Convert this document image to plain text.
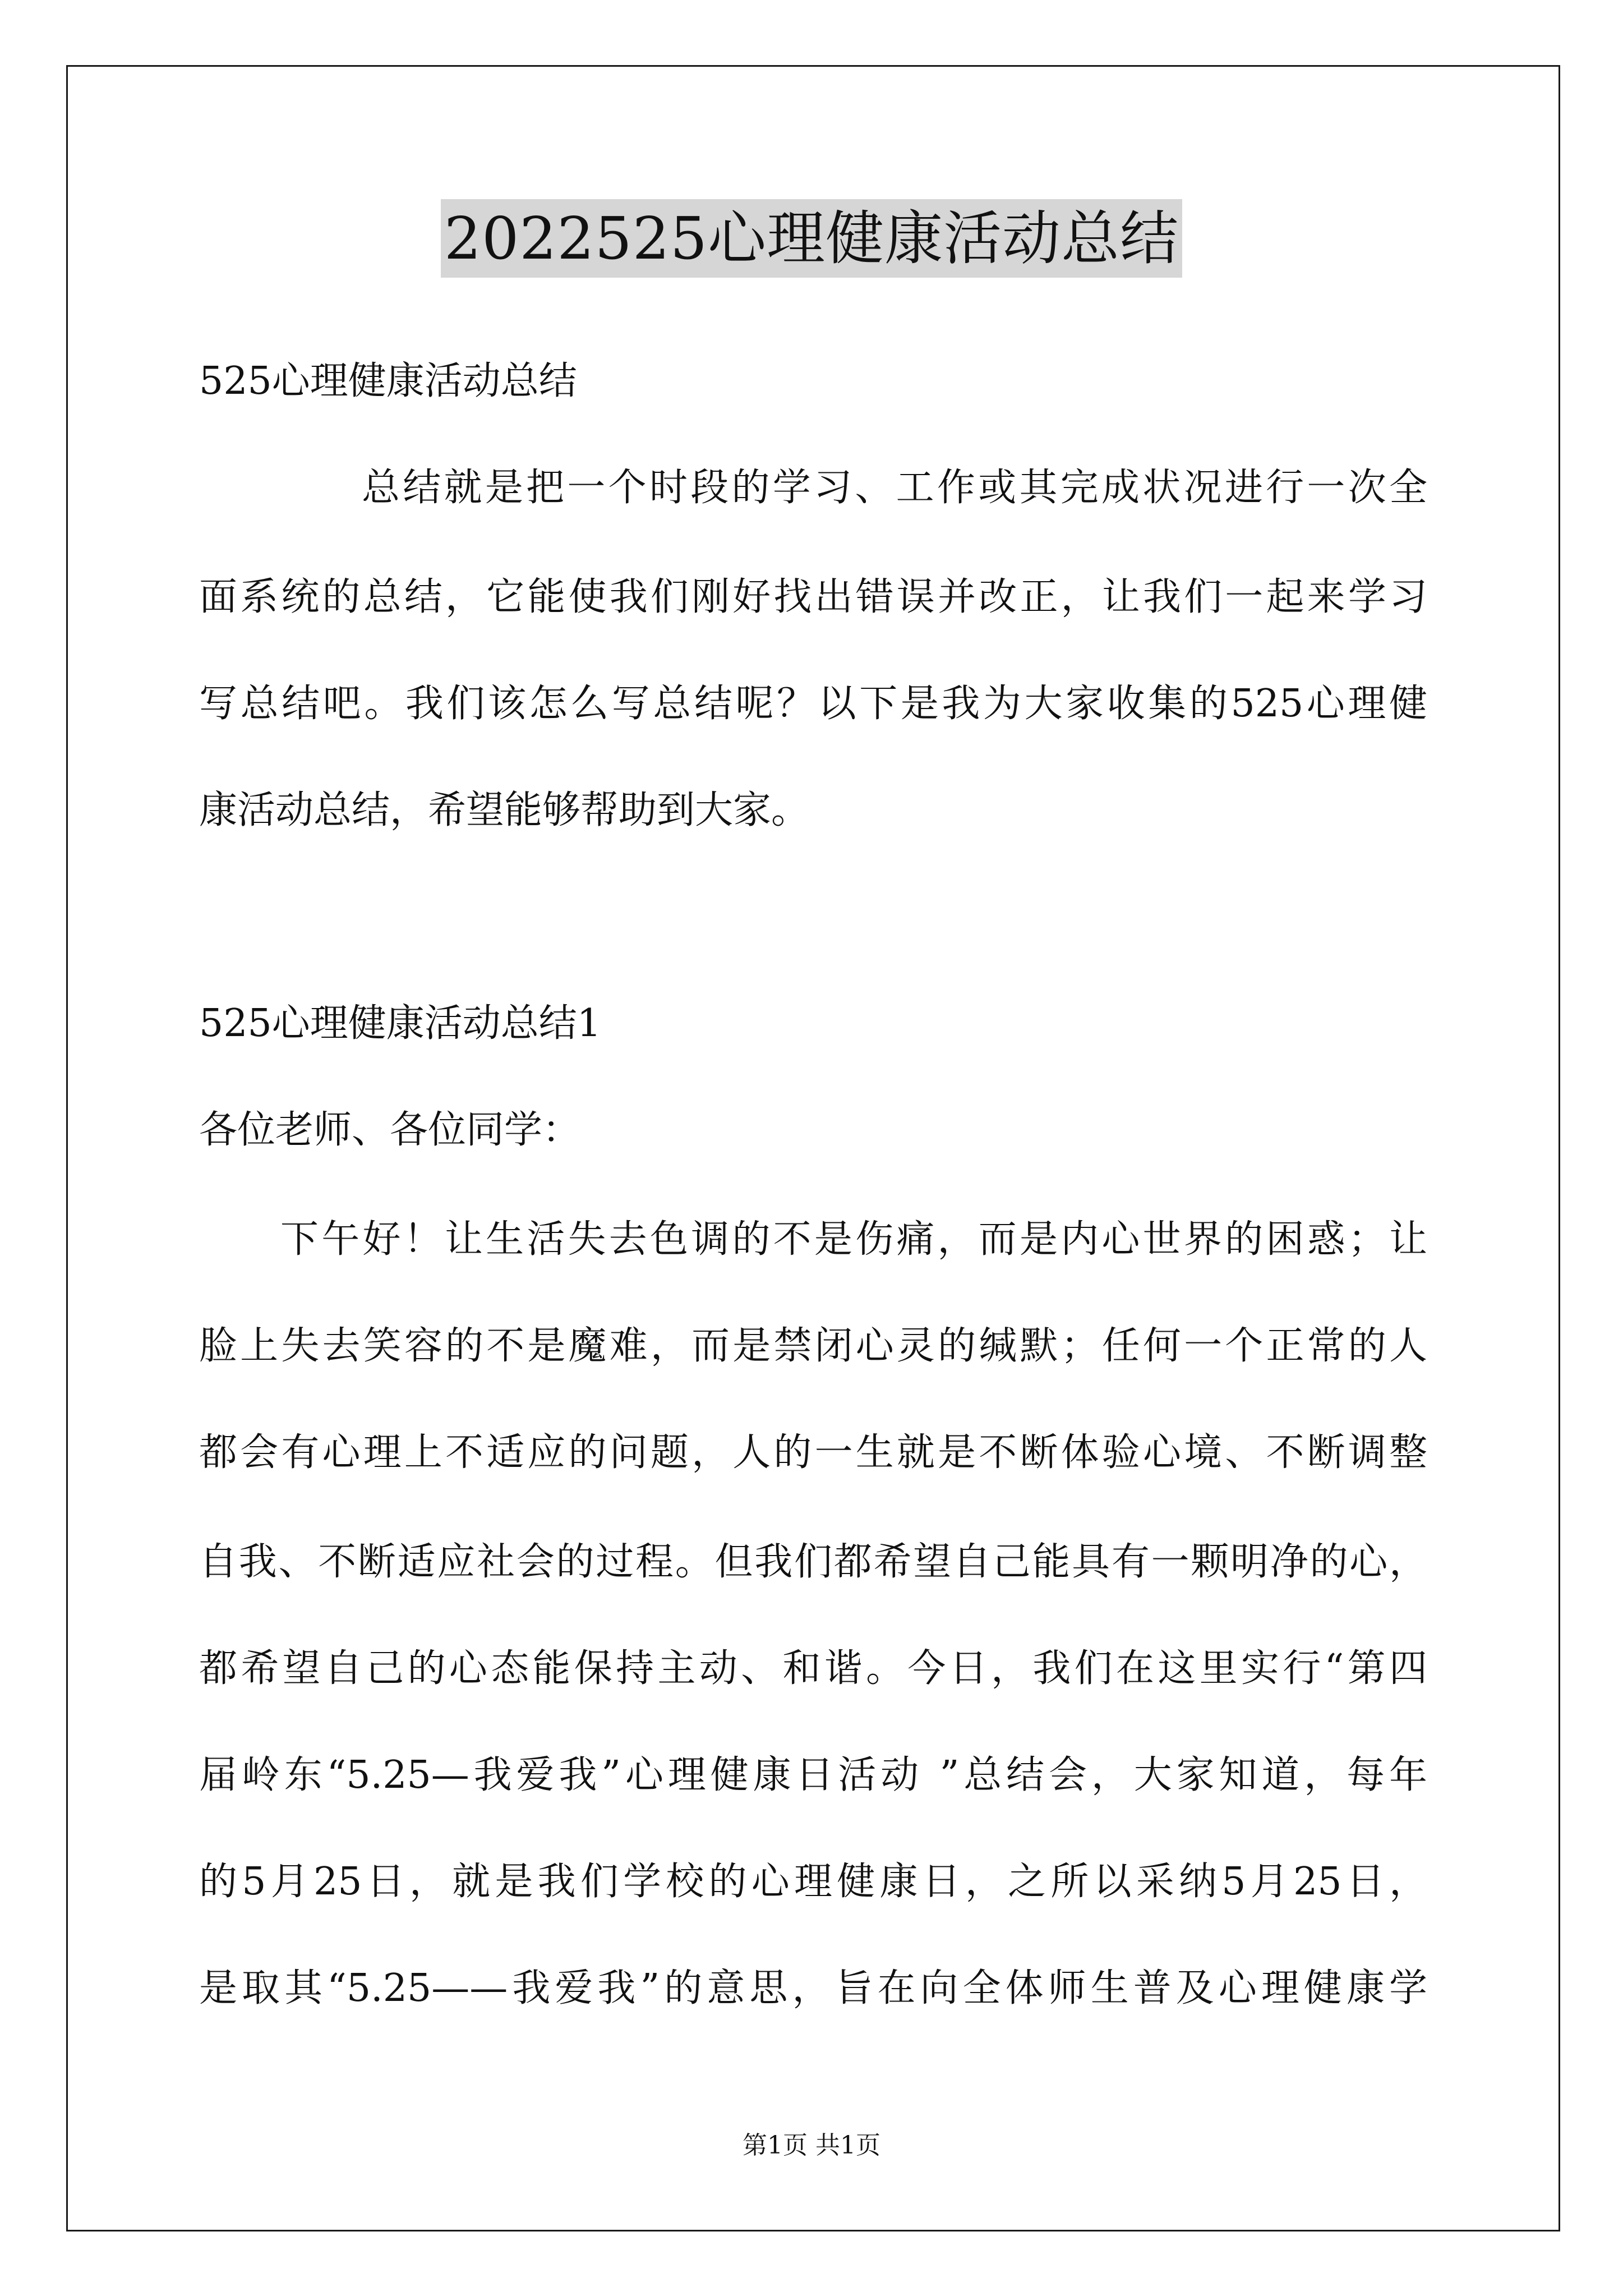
2022525心理健康活动总结
525心理健康活动总结
总结就是把一个时段的学习、工作或其完成状况进行一次全
面系统的总结，它能使我们刚好找出错误并改正，让我们一起来学习
写总结吧。我们该怎么写总结呢？以下是我为大家收集的525心理健
康活动总结，希望能够帮助到大家。
525心理健康活动总结1
各位老师、各位同学：
下午好！让生活失去色调的不是伤痛，而是内心世界的困惑；让
脸上失去笑容的不是魔难，而是禁闭心灵的缄默；任何一个正常的人
都会有心理上不适应的问题，人的一生就是不断体验心境、不断调整
自我、不断适应社会的过程。但我们都希望自己能具有一颗明净的心，
都希望自己的心态能保持主动、和谐。今日，我们在这里实行“第四
届岭东“5.25—我爱我”心理健康日活动 ”总结会，大家知道，每年
的5月25日，就是我们学校的心理健康日，之所以采纳5月25日，
是取其“5.25——我爱我”的意思，旨在向全体师生普及心理健康学
第1页 共1页
